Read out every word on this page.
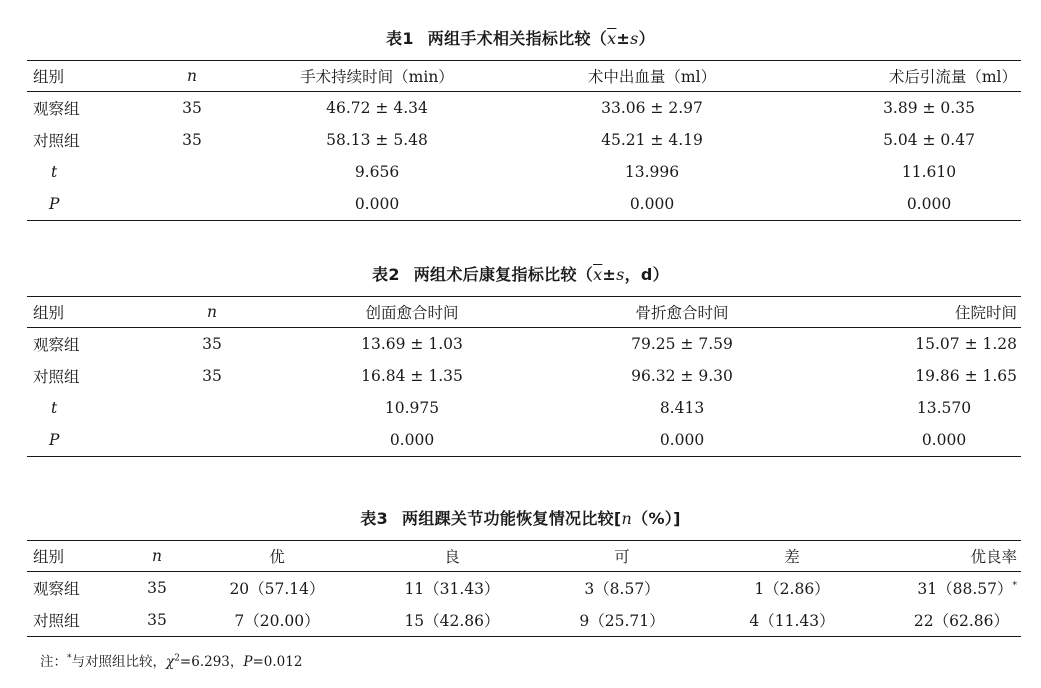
表1 两组手术相关指标比较$(\overline{x}\pm s)$
组别	n	手术持续时间（min）	术中出血量（ml）	术后引流量（ml）
观察组	35	46.72 ± 4.34	33.06 ± 2.97	3.89 ± 0.35
对照组	35	58.13 ± 5.48	45.21 ± 4.19	5.04 ± 0.47
t		9.656	13.996	11.610
P		0.000	0.000	0.000
表2 两组术后康复指标比较（$\overline{x}\pm s$，d）
组别	n	创面愈合时间	骨折愈合时间	住院时间
观察组	35	13.69 ± 1.03	79.25 ± 7.59	15.07 ± 1.28
对照组	35	16.84 ± 1.35	96.32 ± 9.30	19.86 ± 1.65
t		10.975	8.413	13.570
P		0.000	0.000	0.000
表3 两组踝关节功能恢复情况比较[n（%）]
组别	n	优	良	可	差	优良率
观察组	35	20（57.14）	11（31.43）	3（8.57）	1（2.86）	31（88.57）*
对照组	35	7（20.00）	15（42.86）	9（25.71）	4（11.43）	22（62.86）
注：*与对照组比较，$\chi^2=6.293$，P=0.012
